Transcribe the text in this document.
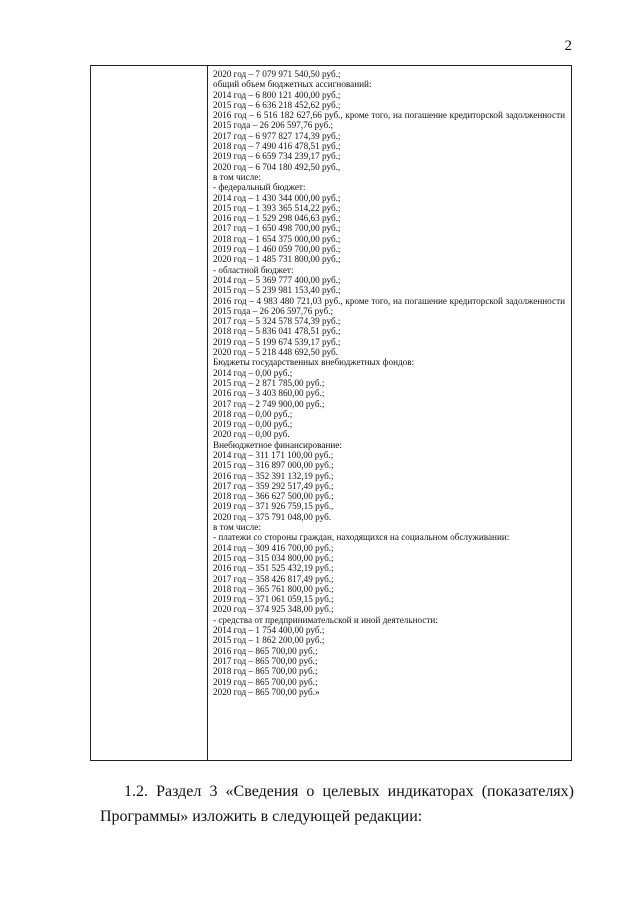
2
2020 год – 7 079 971 540,50 руб.;
общий объем бюджетных ассигнований:
2014 год – 6 800 121 400,00 руб.;
2015 год – 6 636 218 452,62 руб.;
2016 год – 6 516 182 627,66 руб., кроме того, на погашение кредиторской задолженности 2015 года – 26 206 597,76 руб.;
2017 год – 6 977 827 174,39 руб.;
2018 год – 7 490 416 478,51 руб.;
2019 год – 6 659 734 239,17 руб.;
2020 год – 6 704 180 492,50 руб.,
в том числе:
- федеральный бюджет:
2014 год – 1 430 344 000,00 руб.;
2015 год – 1 393 365 514,22 руб.;
2016 год – 1 529 298 046,63 руб.;
2017 год – 1 650 498 700,00 руб.;
2018 год – 1 654 375 000,00 руб.;
2019 год – 1 460 059 700,00 руб.;
2020 год – 1 485 731 800,00 руб.;
- областной бюджет:
2014 год – 5 369 777 400,00 руб.;
2015 год – 5 239 981 153,40 руб.;
2016 год – 4 983 480 721,03 руб., кроме того, на погашение кредиторской задолженности 2015 года – 26 206 597,76 руб.;
2017 год – 5 324 578 574,39 руб.;
2018 год – 5 836 041 478,51 руб.;
2019 год – 5 199 674 539,17 руб.;
2020 год – 5 218 448 692,50 руб.
Бюджеты государственных внебюджетных фондов:
2014 год – 0,00 руб.;
2015 год – 2 871 785,00 руб.;
2016 год – 3 403 860,00 руб.;
2017 год – 2 749 900,00 руб.;
2018 год – 0,00 руб.;
2019 год – 0,00 руб.;
2020 год – 0,00 руб.
Внебюджетное финансирование:
2014 год – 311 171 100,00 руб.;
2015 год – 316 897 000,00 руб.;
2016 год – 352 391 132,19 руб.;
2017 год – 359 292 517,49 руб.;
2018 год – 366 627 500,00 руб.;
2019 год – 371 926 759,15 руб.,
2020 год – 375 791 048,00 руб.
в том числе:
- платежи со стороны граждан, находящихся на социальном обслуживании:
2014 год – 309 416 700,00 руб.;
2015 год – 315 034 800,00 руб.;
2016 год – 351 525 432,19 руб.;
2017 год – 358 426 817,49 руб.;
2018 год – 365 761 800,00 руб.;
2019 год – 371 061 059,15 руб.;
2020 год – 374 925 348,00 руб.;
- средства от предпринимательской и иной деятельности:
2014 год – 1 754 400,00 руб.;
2015 год – 1 862 200,00 руб.;
2016 год – 865 700,00 руб.;
2017 год – 865 700,00 руб.;
2018 год – 865 700,00 руб.;
2019 год – 865 700,00 руб.;
2020 год – 865 700,00 руб.»
1.2. Раздел 3 «Сведения о целевых индикаторах (показателях) Программы» изложить в следующей редакции:
